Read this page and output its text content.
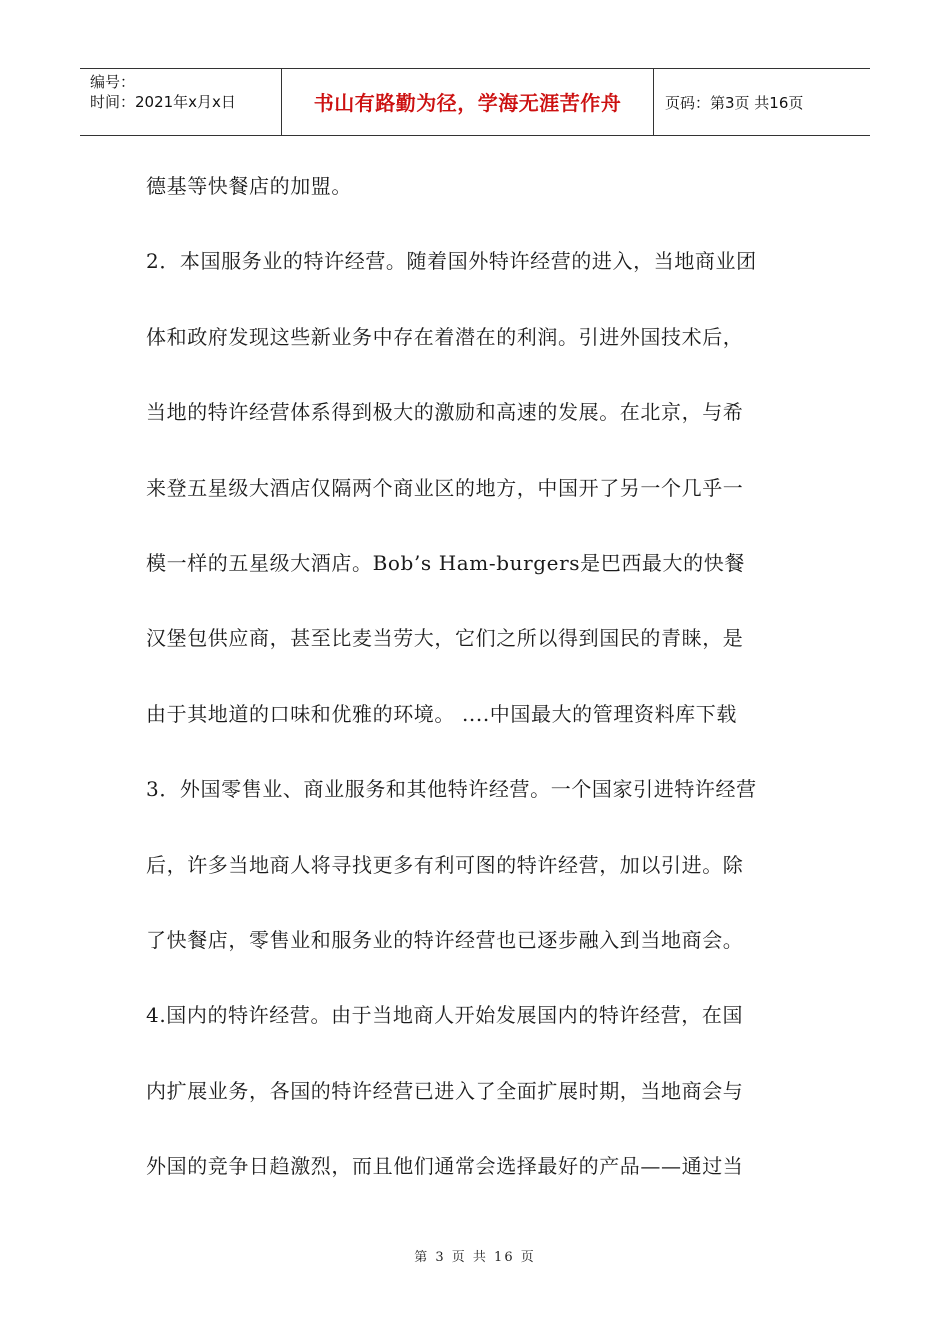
编号：
时间：2021年x月x日	书山有路勤为径，学海无涯苦作舟	页码：第3页 共16页
德基等快餐店的加盟。
2．本国服务业的特许经营。随着国外特许经营的进入，当地商业团
体和政府发现这些新业务中存在着潜在的利润。引进外国技术后，
当地的特许经营体系得到极大的激励和高速的发展。在北京，与希
来登五星级大酒店仅隔两个商业区的地方，中国开了另一个几乎一
模一样的五星级大酒店。Bob’s Ham-burgers是巴西最大的快餐
汉堡包供应商，甚至比麦当劳大，它们之所以得到国民的青睐，是
由于其地道的口味和优雅的环境。 ....中国最大的管理资料库下载
3．外国零售业、商业服务和其他特许经营。一个国家引进特许经营
后，许多当地商人将寻找更多有利可图的特许经营，加以引进。除
了快餐店，零售业和服务业的特许经营也已逐步融入到当地商会。
4.国内的特许经营。由于当地商人开始发展国内的特许经营，在国
内扩展业务，各国的特许经营已进入了全面扩展时期，当地商会与
外国的竞争日趋激烈，而且他们通常会选择最好的产品——通过当
第 3 页 共 16 页
